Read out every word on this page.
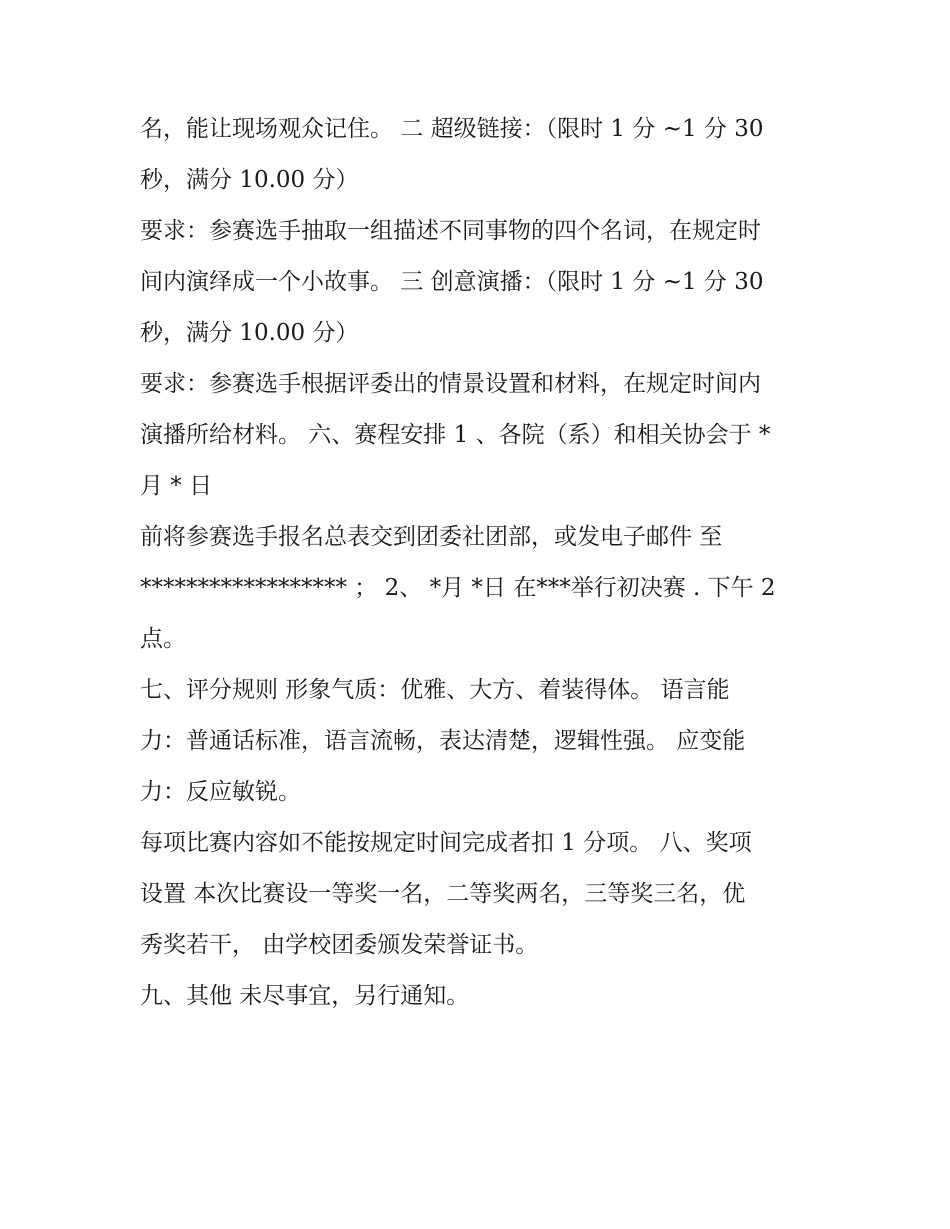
名，能让现场观众记住。 二 超级链接：（限时 1 分 ~1 分 30

秒，满分 10.00 分）

要求：参赛选手抽取一组描述不同事物的四个名词，在规定时

间内演绎成一个小故事。 三 创意演播：（限时 1 分 ~1 分 30

秒，满分 10.00 分）

要求：参赛选手根据评委出的情景设置和材料，在规定时间内

演播所给材料。 六、赛程安排 1 、各院（系）和相关协会于 *

月 * 日

前将参赛选手报名总表交到团委社团部，或发电子邮件 至

****************** ； 2、 *月 *日 在***举行初决赛 . 下午 2

点。

七、评分规则 形象气质：优雅、大方、着装得体。 语言能

力：普通话标准，语言流畅，表达清楚，逻辑性强。 应变能

力：反应敏锐。

每项比赛内容如不能按规定时间完成者扣 1 分项。 八、奖项

设置 本次比赛设一等奖一名，二等奖两名，三等奖三名，优

秀奖若干， 由学校团委颁发荣誉证书。

九、其他 未尽事宜，另行通知。
